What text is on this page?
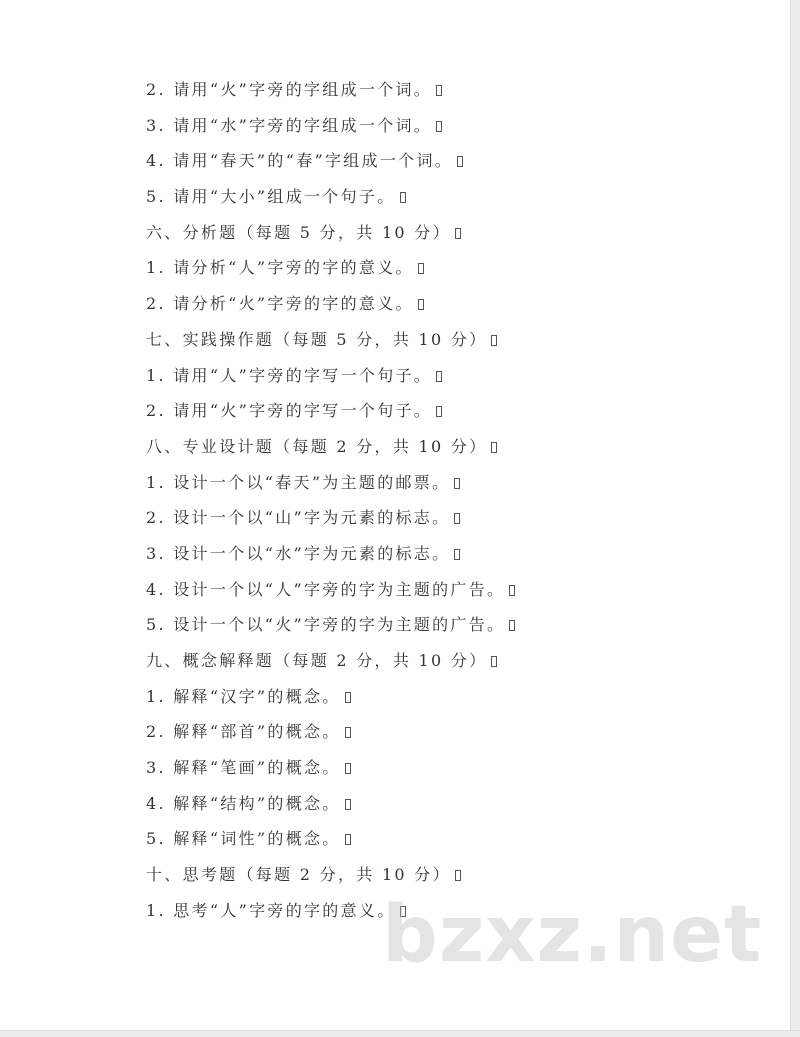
2. 请用“火”字旁的字组成一个词。
3. 请用“水”字旁的字组成一个词。
4. 请用“春天”的“春”字组成一个词。
5. 请用“大小”组成一个句子。
六、分析题（每题 5 分，共 10 分）
1. 请分析“人”字旁的字的意义。
2. 请分析“火”字旁的字的意义。
七、实践操作题（每题 5 分，共 10 分）
1. 请用“人”字旁的字写一个句子。
2. 请用“火”字旁的字写一个句子。
八、专业设计题（每题 2 分，共 10 分）
1. 设计一个以“春天”为主题的邮票。
2. 设计一个以“山”字为元素的标志。
3. 设计一个以“水”字为元素的标志。
4. 设计一个以“人”字旁的字为主题的广告。
5. 设计一个以“火”字旁的字为主题的广告。
九、概念解释题（每题 2 分，共 10 分）
1. 解释“汉字”的概念。
2. 解释“部首”的概念。
3. 解释“笔画”的概念。
4. 解释“结构”的概念。
5. 解释“词性”的概念。
十、思考题（每题 2 分，共 10 分）
1. 思考“人”字旁的字的意义。
bzxz.net
